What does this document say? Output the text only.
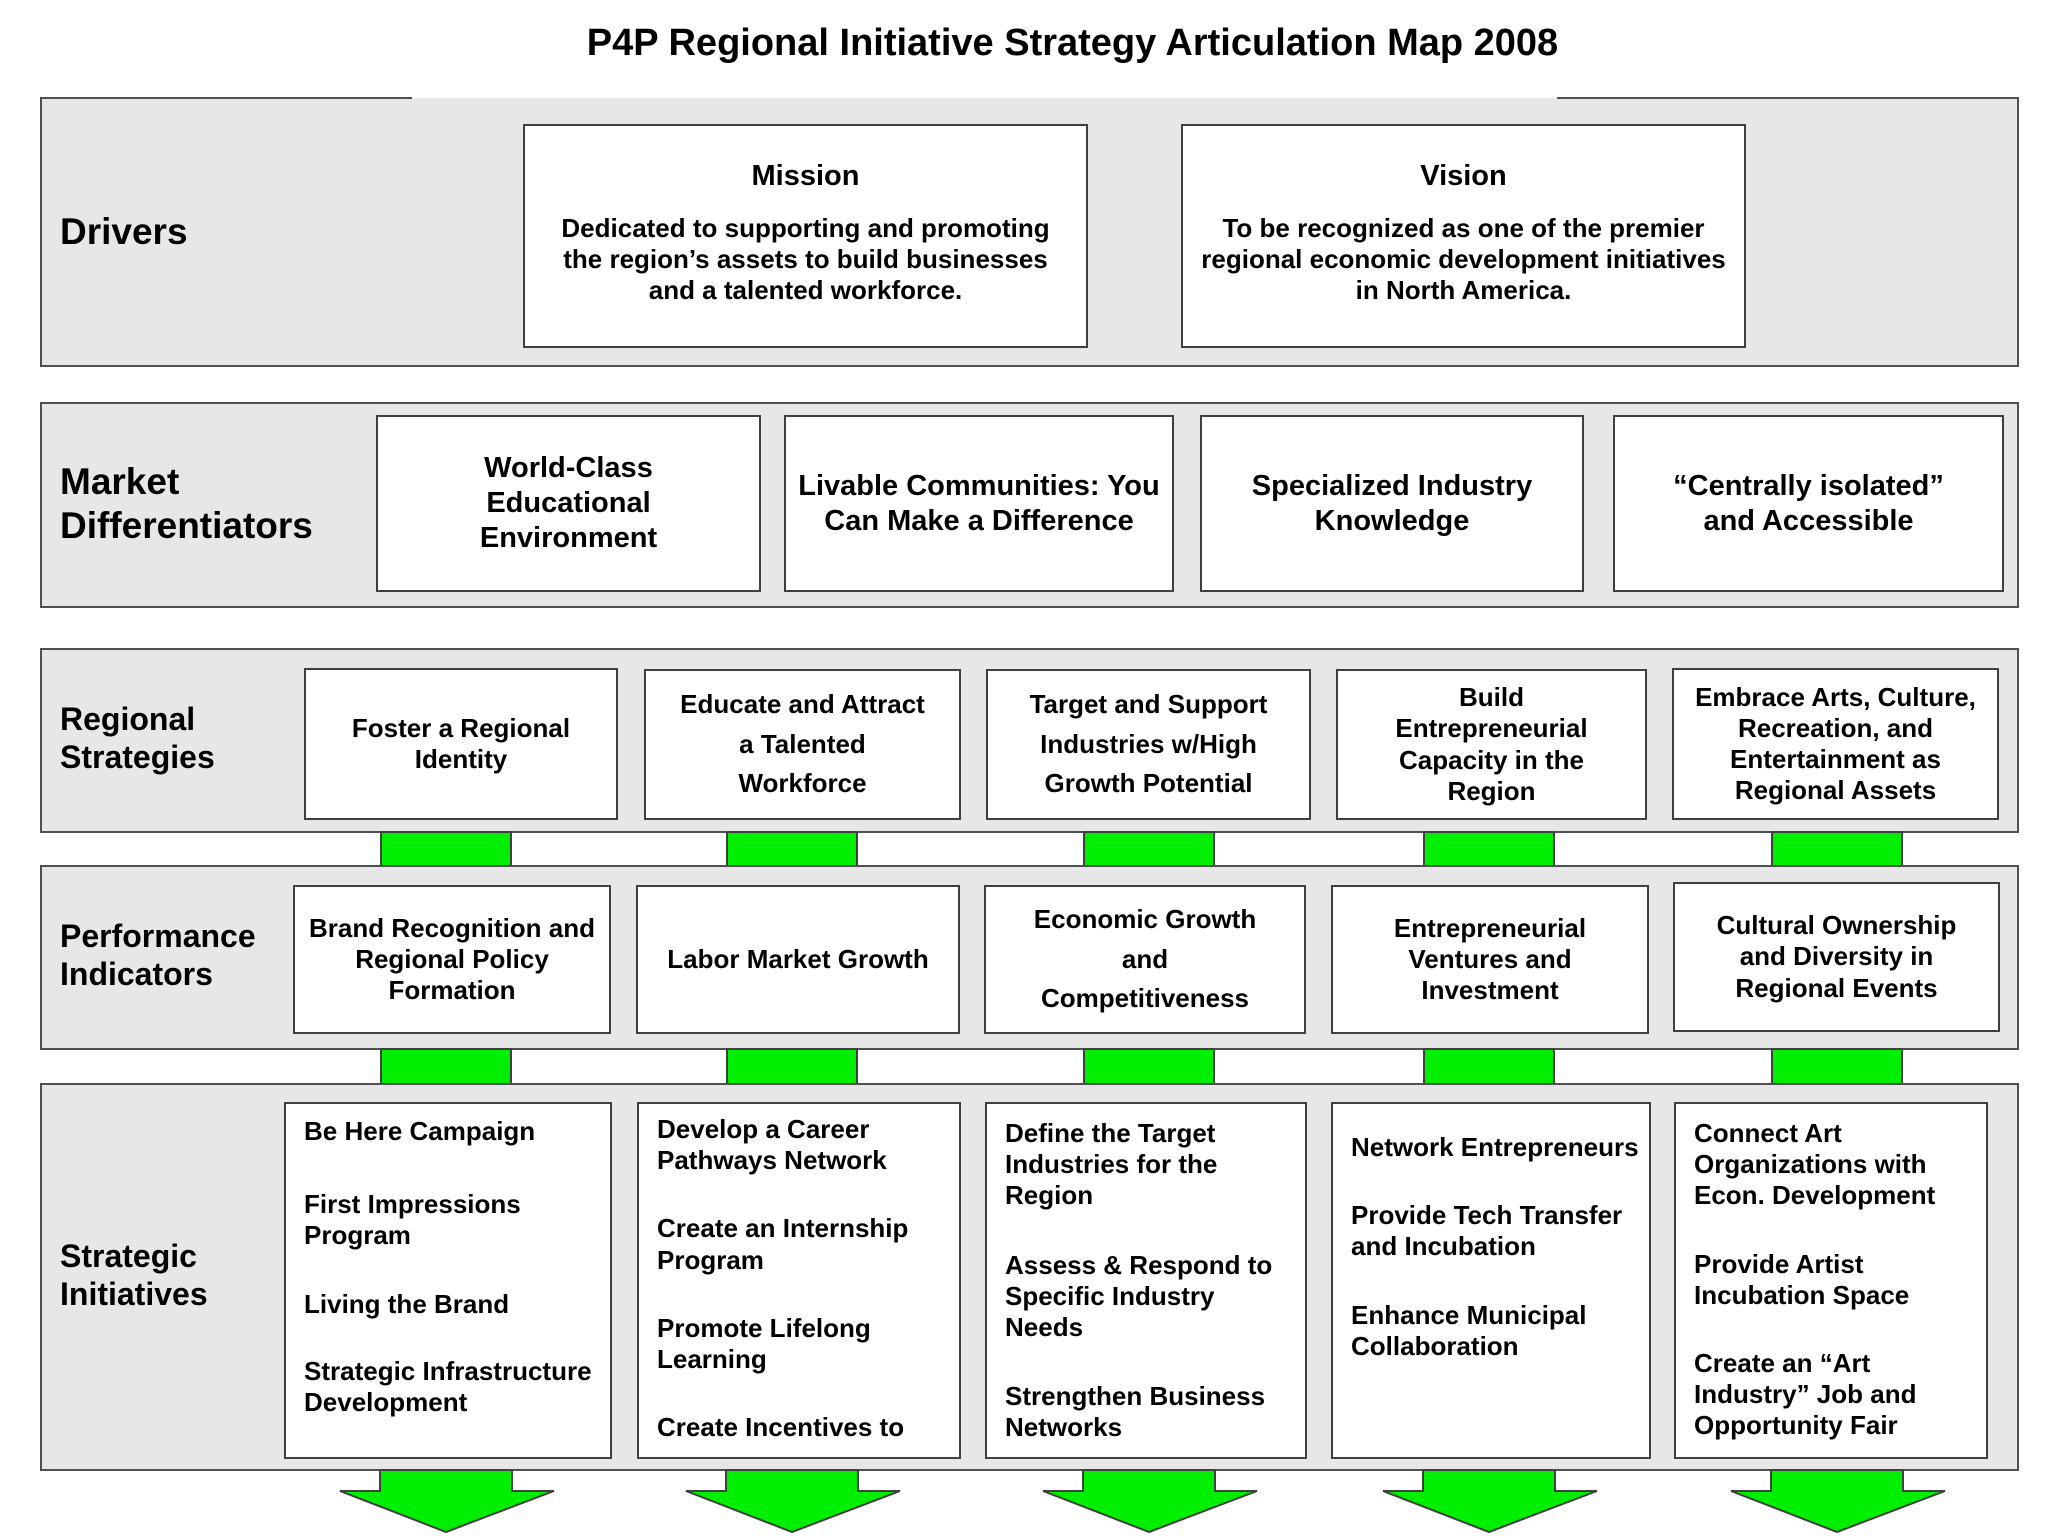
P4P Regional Initiative Strategy Articulation Map 2008
Drivers
Mission
Dedicated to supporting and promoting the region’s assets to build businesses and a talented workforce.
Vision
To be recognized as one of the premier regional economic development initiatives in North America.
Market Differentiators
World-Class Educational Environment
Livable Communities: You Can Make a Difference
Specialized Industry Knowledge
“Centrally isolated” and Accessible
Regional Strategies
Foster a Regional Identity
Educate and Attract a Talented Workforce
Target and Support Industries w/High Growth Potential
Build Entrepreneurial Capacity in the Region
Embrace Arts, Culture, Recreation, and Entertainment as Regional Assets
Performance Indicators
Brand Recognition and Regional Policy Formation
Labor Market Growth
Economic Growth and Competitiveness
Entrepreneurial Ventures and Investment
Cultural Ownership and Diversity in Regional Events
Strategic Initiatives
Be Here Campaign
First Impressions Program
Living the Brand
Strategic Infrastructure Development
Develop a Career Pathways Network
Create an Internship Program
Promote Lifelong Learning
Create Incentives to
Define the Target Industries for the Region
Assess & Respond to Specific Industry Needs
Strengthen Business Networks
Network Entrepreneurs
Provide Tech Transfer and Incubation
Enhance Municipal Collaboration
Connect Art Organizations with Econ. Development
Provide Artist Incubation Space
Create an “Art Industry” Job and Opportunity Fair
